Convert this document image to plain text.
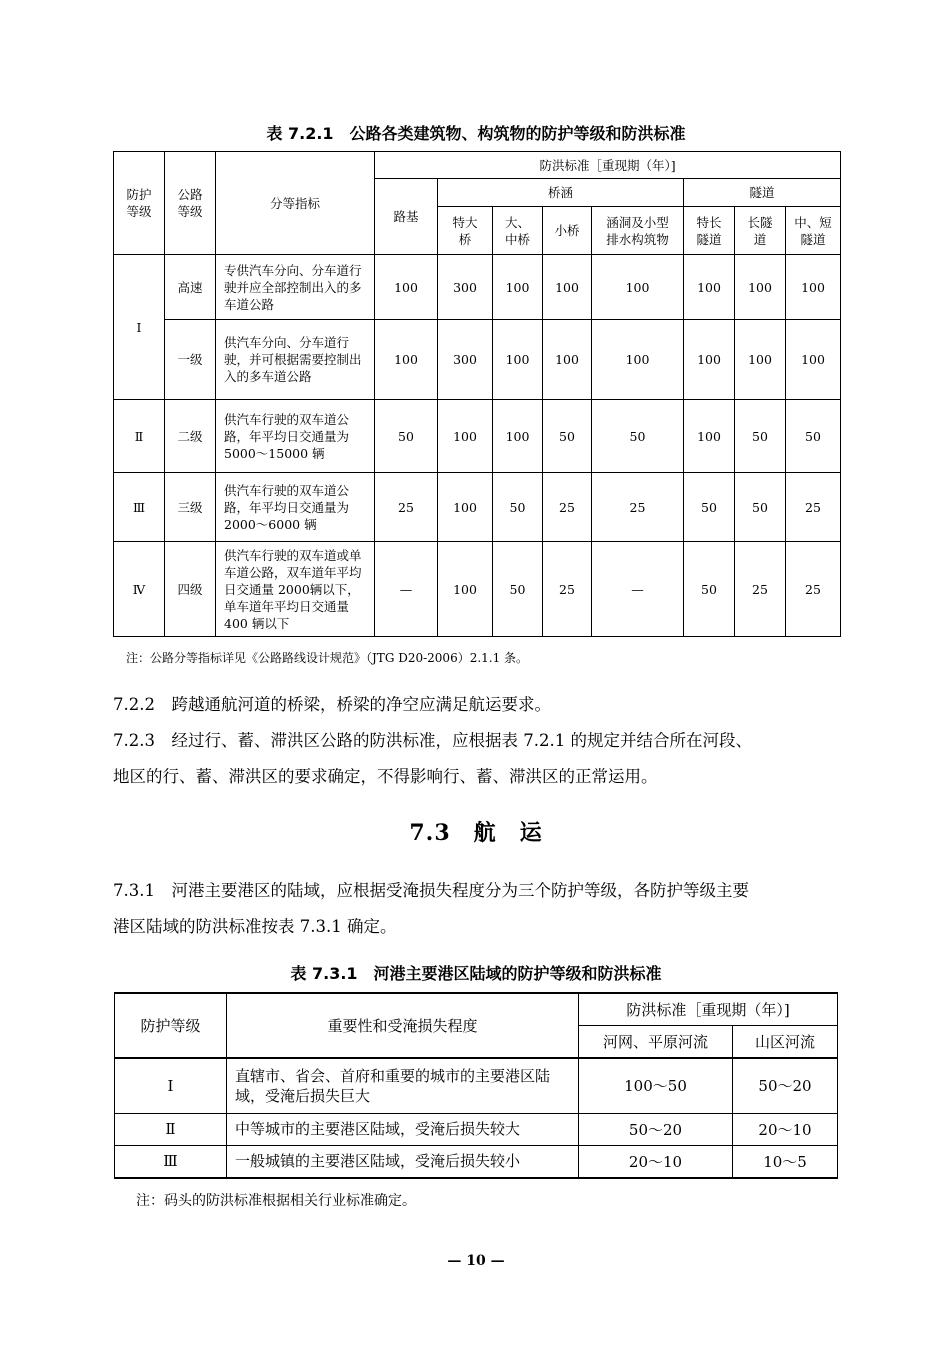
表 7.2.1　公路各类建筑物、构筑物的防护等级和防洪标准
防护等级	公路等级	分等指标	防洪标准［重现期（年）]							
			路基	桥涵				隧道		
				特大桥	大、中桥	小桥	涵洞及小型排水构筑物	特长隧道	长隧道	中、短隧道
Ⅰ	高速	专供汽车分向、分车道行驶并应全部控制出入的多车道公路	100	300	100	100	100	100	100	100
	一级	供汽车分向、分车道行驶，并可根据需要控制出入的多车道公路	100	300	100	100	100	100	100	100
Ⅱ	二级	供汽车行驶的双车道公路，年平均日交通量为 5000～15000 辆	50	100	100	50	50	100	50	50
Ⅲ	三级	供汽车行驶的双车道公路，年平均日交通量为 2000～6000 辆	25	100	50	25	25	50	50	25
Ⅳ	四级	供汽车行驶的双车道或单车道公路，双车道年平均日交通量 2000辆以下，单车道年平均日交通量 400 辆以下	—	100	50	25	—	50	25	25
注：公路分等指标详见《公路路线设计规范》（JTG D20-2006）2.1.1 条。
7.2.2　跨越通航河道的桥梁，桥梁的净空应满足航运要求。
7.2.3　经过行、蓄、滞洪区公路的防洪标准，应根据表 7.2.1 的规定并结合所在河段、
地区的行、蓄、滞洪区的要求确定，不得影响行、蓄、滞洪区的正常运用。
7.3　航　运
7.3.1　河港主要港区的陆域，应根据受淹损失程度分为三个防护等级，各防护等级主要
港区陆域的防洪标准按表 7.3.1 确定。
表 7.3.1　河港主要港区陆域的防护等级和防洪标准
防护等级	重要性和受淹损失程度	防洪标准［重现期（年）]	
		河网、平原河流	山区河流
Ⅰ	直辖市、省会、首府和重要的城市的主要港区陆域，受淹后损失巨大	100～50	50～20
Ⅱ	中等城市的主要港区陆域，受淹后损失较大	50～20	20～10
Ⅲ	一般城镇的主要港区陆域，受淹后损失较小	20～10	10～5
注：码头的防洪标准根据相关行业标准确定。
— 10 —
